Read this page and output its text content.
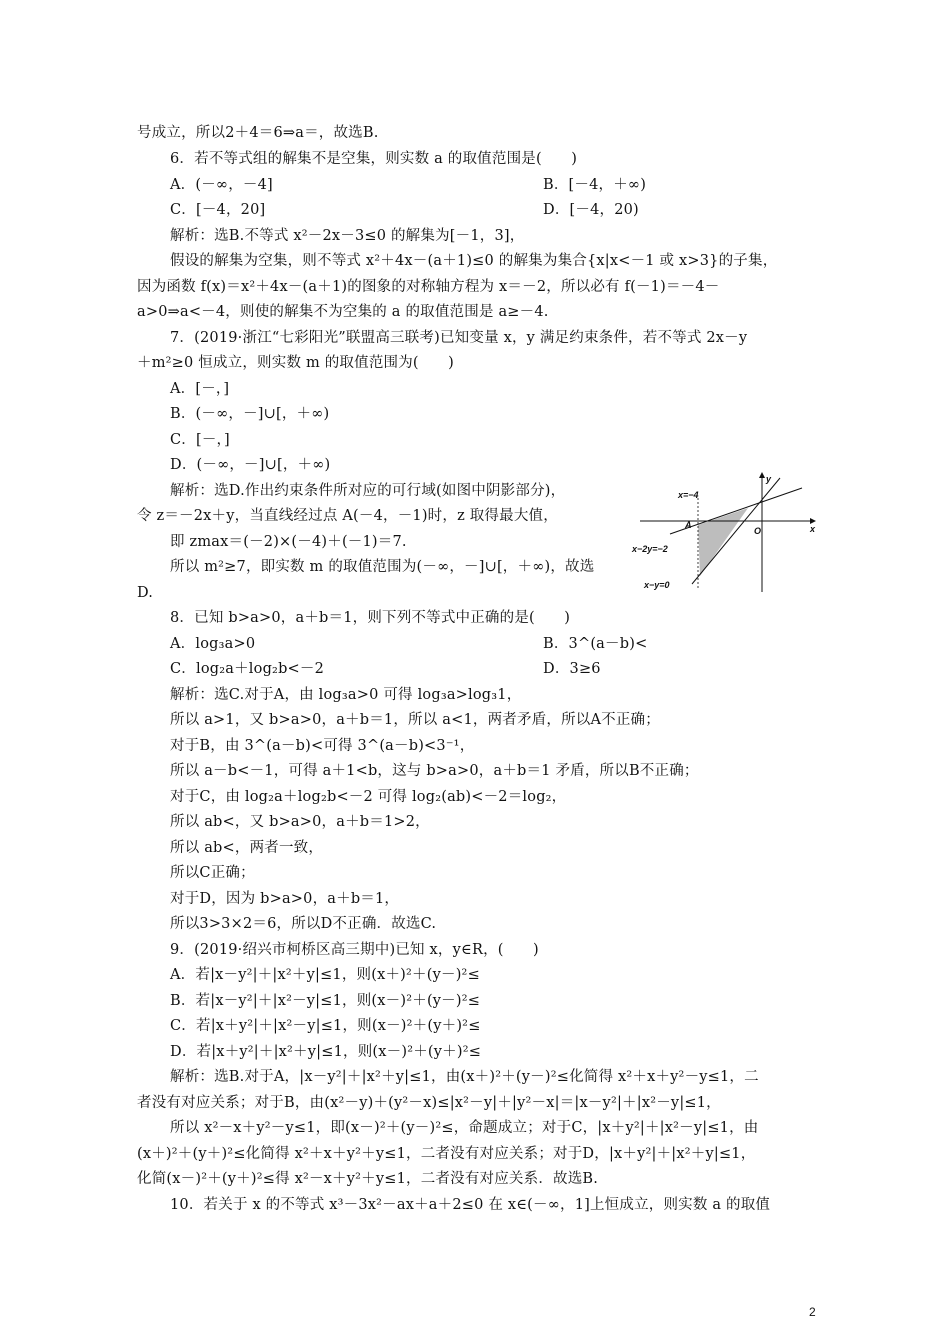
号成立，所以2＋4＝6⇒a＝，故选B.
6．若不等式组的解集不是空集，则实数 a 的取值范围是(　　)
A．(－∞，－4]	B．[－4，＋∞)
C．[－4，20]	D．[－4，20)
解析：选B.不等式 x²－2x－3≤0 的解集为[－1，3]，
假设的解集为空集，则不等式 x²＋4x－(a＋1)≤0 的解集为集合{x|x<－1 或 x>3}的子集，
因为函数 f(x)＝x²＋4x－(a＋1)的图象的对称轴方程为 x＝－2，所以必有 f(－1)＝－4－
a>0⇒a<－4，则使的解集不为空集的 a 的取值范围是 a≥－4.
7．(2019·浙江“七彩阳光”联盟高三联考)已知变量 x，y 满足约束条件，若不等式 2x－y
＋m²≥0 恒成立，则实数 m 的取值范围为(　　)
A．[－，]
B．(－∞，－]∪[，＋∞)
C．[－，]
D．(－∞，－]∪[，＋∞)
解析：选D.作出约束条件所对应的可行域(如图中阴影部分)，
令 z＝－2x＋y，当直线经过点 A(－4，－1)时，z 取得最大值，
即 zmax＝(－2)×(－4)＋(－1)＝7.
所以 m²≥7，即实数 m 的取值范围为(－∞，－]∪[，＋∞)，故选
D.
x=−4
y
x
A
O
x−2y=−2
x−y=0
8．已知 b>a>0，a＋b＝1，则下列不等式中正确的是(　　)
A．log₃a>0	B．3^(a－b)<
C．log₂a＋log₂b<－2	D．3≥6
解析：选C.对于A，由 log₃a>0 可得 log₃a>log₃1，
所以 a>1，又 b>a>0，a＋b＝1，所以 a<1，两者矛盾，所以A不正确；
对于B，由 3^(a－b)<可得 3^(a－b)<3⁻¹，
所以 a－b<－1，可得 a＋1<b，这与 b>a>0，a＋b＝1 矛盾，所以B不正确；
对于C，由 log₂a＋log₂b<－2 可得 log₂(ab)<－2＝log₂，
所以 ab<，又 b>a>0，a＋b＝1>2，
所以 ab<，两者一致，
所以C正确；
对于D，因为 b>a>0，a＋b＝1，
所以3>3×2＝6，所以D不正确．故选C.
9．(2019·绍兴市柯桥区高三期中)已知 x，y∈R，(　　)
A．若|x－y²|＋|x²＋y|≤1，则(x＋)²＋(y－)²≤
B．若|x－y²|＋|x²－y|≤1，则(x－)²＋(y－)²≤
C．若|x＋y²|＋|x²－y|≤1，则(x－)²＋(y＋)²≤
D．若|x＋y²|＋|x²＋y|≤1，则(x－)²＋(y＋)²≤
解析：选B.对于A，|x－y²|＋|x²＋y|≤1，由(x＋)²＋(y－)²≤化简得 x²＋x＋y²－y≤1，二
者没有对应关系；对于B，由(x²－y)＋(y²－x)≤|x²－y|＋|y²－x|＝|x－y²|＋|x²－y|≤1，
所以 x²－x＋y²－y≤1，即(x－)²＋(y－)²≤，命题成立；对于C，|x＋y²|＋|x²－y|≤1，由
(x＋)²＋(y＋)²≤化简得 x²＋x＋y²＋y≤1，二者没有对应关系；对于D，|x＋y²|＋|x²＋y|≤1，
化简(x－)²＋(y＋)²≤得 x²－x＋y²＋y≤1，二者没有对应关系．故选B.
10．若关于 x 的不等式 x³－3x²－ax＋a＋2≤0 在 x∈(－∞，1]上恒成立，则实数 a 的取值
2
